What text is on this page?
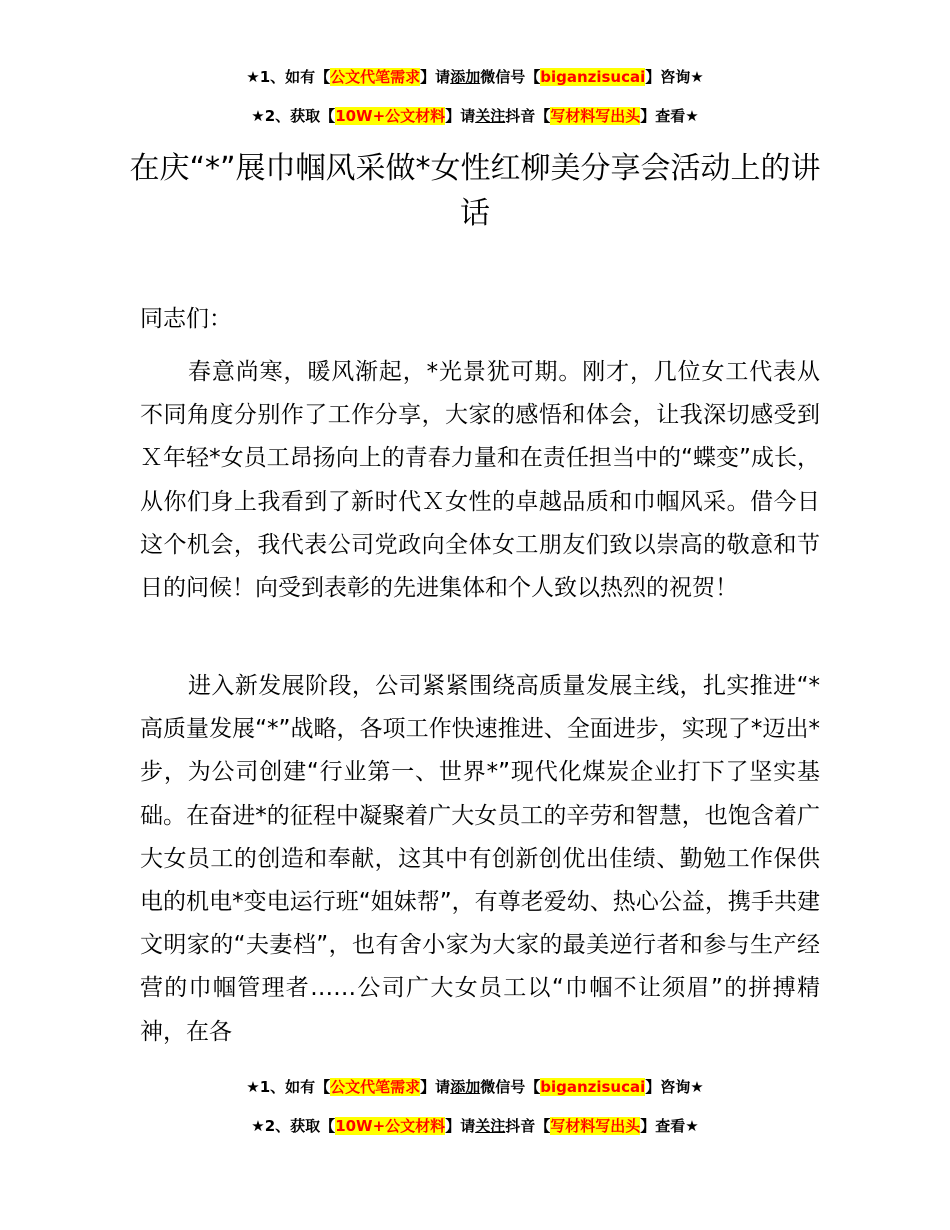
★1、如有【公文代笔需求】请添加微信号【biganzisucai】咨询★
★2、获取【10W+公文材料】请关注抖音【写材料写出头】查看★
在庆“*”展巾帼风采做*女性红柳美分享会活动上的讲话

同志们：

春意尚寒，暖风渐起，*光景犹可期。刚才，几位女工代表从不同角度分别作了工作分享，大家的感悟和体会，让我深切感受到Ｘ年轻*女员工昂扬向上的青春力量和在责任担当中的“蝶变”成长，从你们身上我看到了新时代Ｘ女性的卓越品质和巾帼风采。借今日这个机会，我代表公司党政向全体女工朋友们致以崇高的敬意和节日的问候！向受到表彰的先进集体和个人致以热烈的祝贺！

进入新发展阶段，公司紧紧围绕高质量发展主线，扎实推进“*高质量发展“*”战略，各项工作快速推进、全面进步，实现了*迈出*步，为公司创建“行业第一、世界*”现代化煤炭企业打下了坚实基础。在奋进*的征程中凝聚着广大女员工的辛劳和智慧，也饱含着广大女员工的创造和奉献，这其中有创新创优出佳绩、勤勉工作保供电的机电*变电运行班“姐妹帮”，有尊老爱幼、热心公益，携手共建文明家的“夫妻档”，也有舍小家为大家的最美逆行者和参与生产经营的巾帼管理者……公司广大女员工以“巾帼不让须眉”的拼搏精神，在各

★1、如有【公文代笔需求】请添加微信号【biganzisucai】咨询★
★2、获取【10W+公文材料】请关注抖音【写材料写出头】查看★
